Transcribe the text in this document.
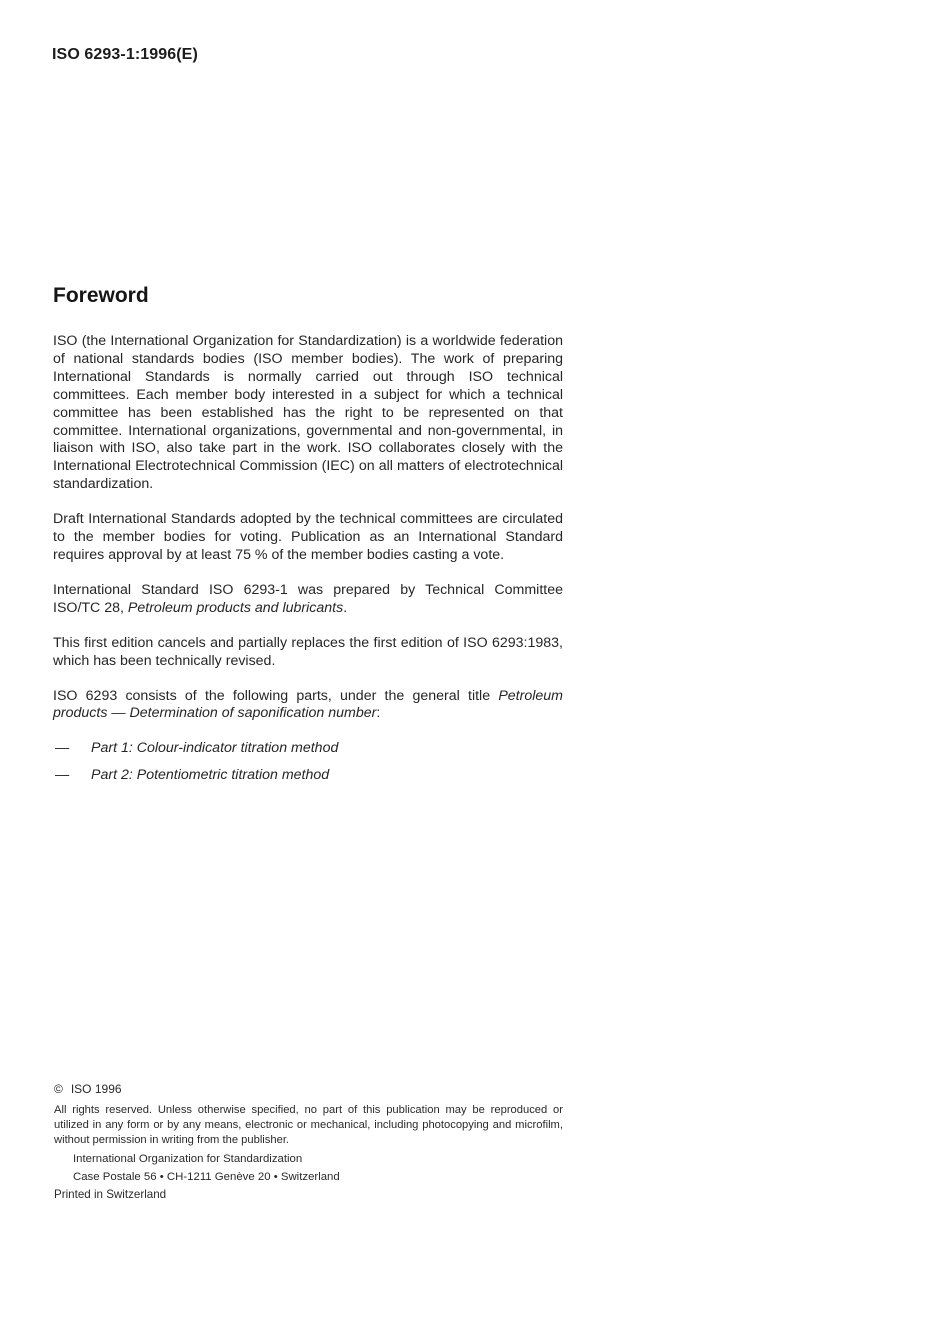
ISO 6293-1:1996(E)

Foreword

ISO (the International Organization for Standardization) is a worldwide federation of national standards bodies (ISO member bodies). The work of preparing International Standards is normally carried out through ISO technical committees. Each member body interested in a subject for which a technical committee has been established has the right to be represented on that committee. International organizations, governmental and non-governmental, in liaison with ISO, also take part in the work. ISO collaborates closely with the International Electrotechnical Commission (IEC) on all matters of electrotechnical standardization.

Draft International Standards adopted by the technical committees are circulated to the member bodies for voting. Publication as an International Standard requires approval by at least 75 % of the member bodies casting a vote.

International Standard ISO 6293-1 was prepared by Technical Committee ISO/TC 28, Petroleum products and lubricants.

This first edition cancels and partially replaces the first edition of ISO 6293:1983, which has been technically revised.

ISO 6293 consists of the following parts, under the general title Petroleum products — Determination of saponification number:

— Part 1: Colour-indicator titration method
— Part 2: Potentiometric titration method

© ISO 1996

All rights reserved. Unless otherwise specified, no part of this publication may be reproduced or utilized in any form or by any means, electronic or mechanical, including photocopying and microfilm, without permission in writing from the publisher.

International Organization for Standardization

Case Postale 56 • CH-1211 Genève 20 • Switzerland

Printed in Switzerland
